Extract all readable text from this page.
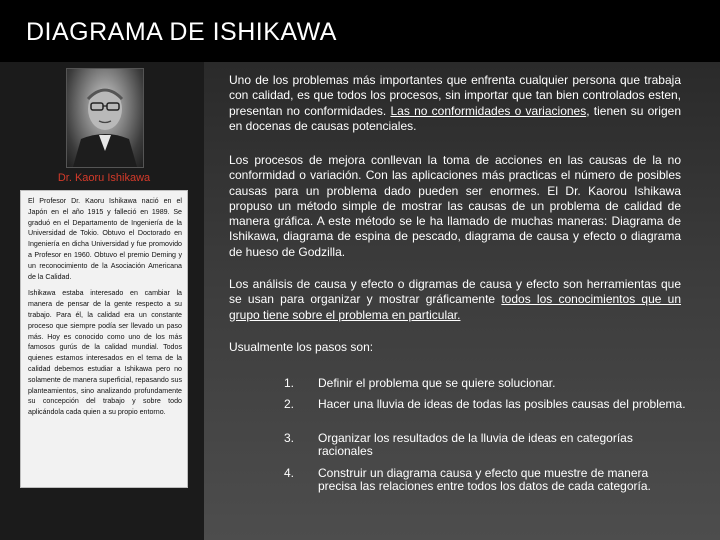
DIAGRAMA DE ISHIKAWA
Dr. Kaoru Ishikawa

El Profesor Dr. Kaoru Ishikawa nació en el Japón en el año 1915 y falleció en 1989. Se graduó en el Departamento de Ingeniería de la Universidad de Tokio. Obtuvo el Doctorado en Ingeniería en dicha Universidad y fue promovido a Profesor en 1960. Obtuvo el premio Deming y un reconocimiento de la Asociación Americana de la Calidad.

Ishikawa estaba interesado en cambiar la manera de pensar de la gente respecto a su trabajo. Para él, la calidad era un constante proceso que siempre podía ser llevado un paso más. Hoy es conocido como uno de los más famosos gurús de la calidad mundial. Todos quienes estamos interesados en el tema de la calidad debemos estudiar a Ishikawa pero no solamente de manera superficial, repasando sus planteamientos, sino analizando profundamente su concepción del trabajo y sobre todo aplicándola cada quien a su propio entorno.

Uno de los problemas más importantes que enfrenta cualquier persona que trabaja con calidad, es que todos los procesos, sin importar que tan bien controlados esten, presentan no conformidades. Las no conformidades o variaciones, tienen su origen en docenas de causas potenciales.
Los procesos de mejora conllevan la toma de acciones en las causas de la no conformidad o variación. Con las aplicaciones más practicas el número de posibles causas para un problema dado pueden ser enormes. El Dr. Kaorou Ishikawa propuso un método simple de mostrar las causas de un problema de calidad de manera gráfica. A este método se le ha llamado de muchas maneras: Diagrama de Ishikawa, diagrama de espina de pescado, diagrama de causa y efecto o diagrama de hueso de Godzilla.
Los análisis de causa y efecto o digramas de causa y efecto son herramientas que se usan para organizar y mostrar gráficamente todos los conocimientos que un grupo tiene sobre el problema en particular.
Usualmente los pasos son:
1. Definir el problema que se quiere solucionar.
2. Hacer una lluvia de ideas de todas las posibles causas del problema.
3. Organizar los resultados de la lluvia de ideas en categorías racionales
4. Construir un diagrama causa y efecto que muestre de manera precisa las relaciones entre todos los datos de cada categoría.
